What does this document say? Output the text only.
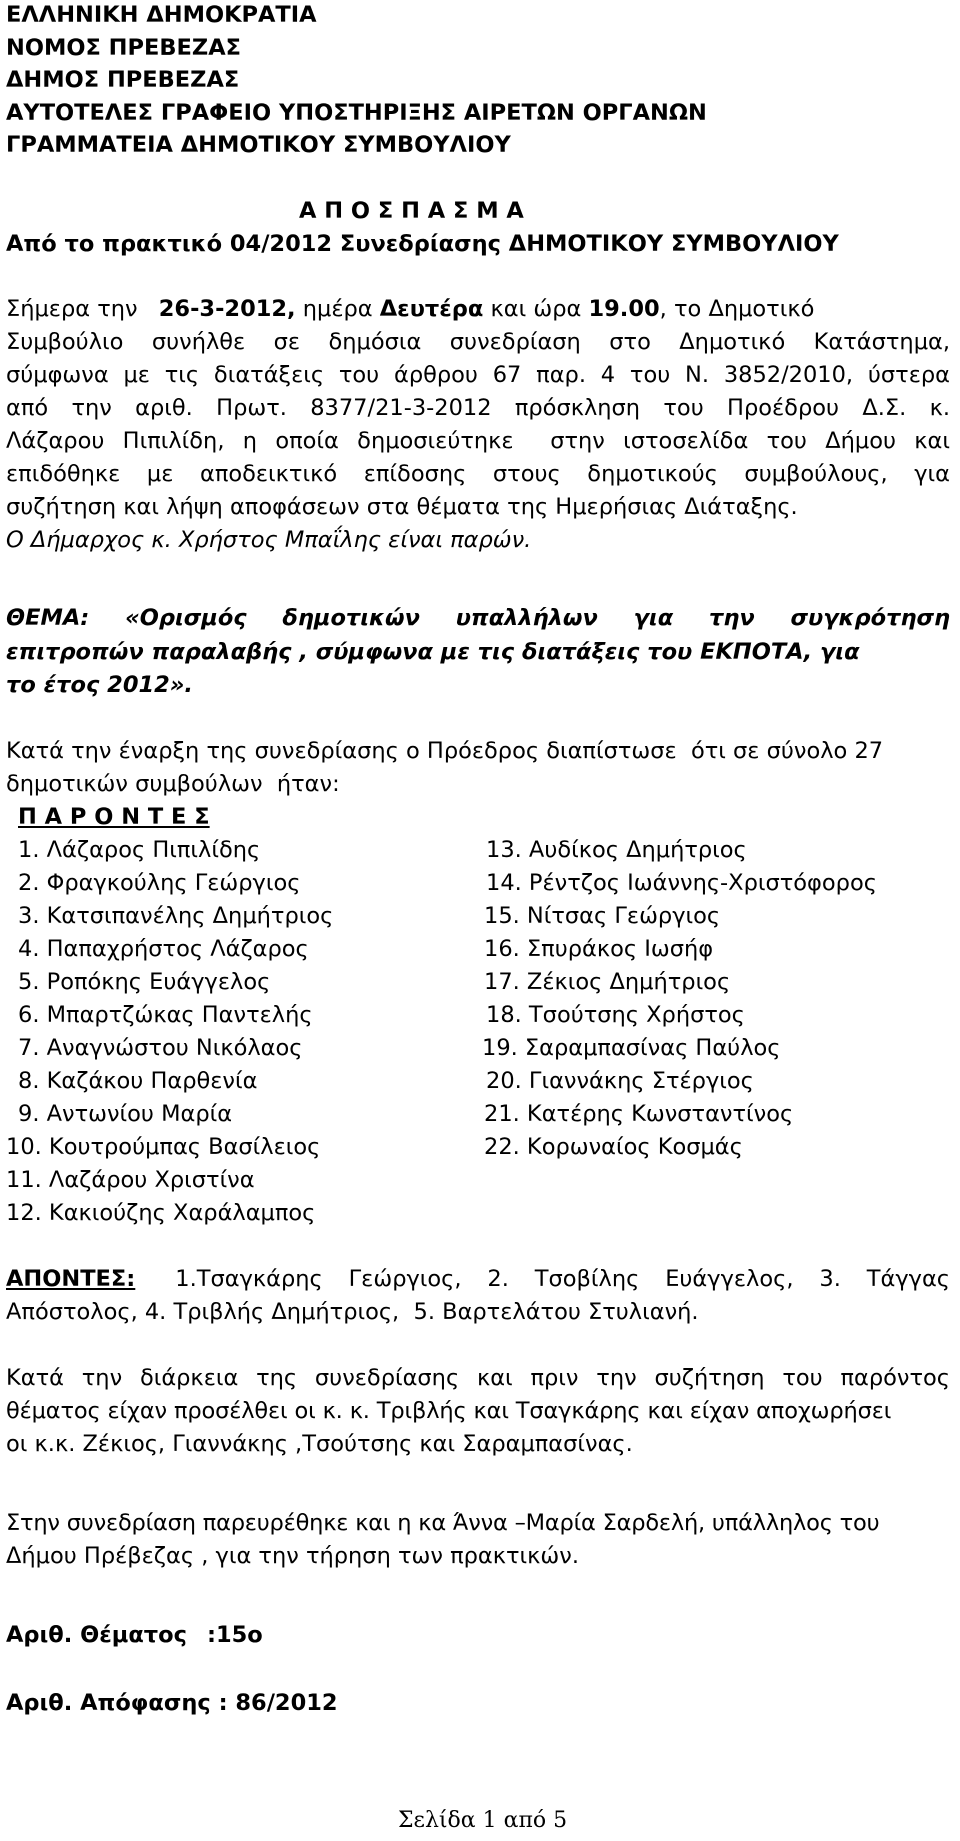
ΕΛΛΗΝΙΚΗ ΔΗΜΟΚΡΑΤΙΑ
ΝΟΜΟΣ ΠΡΕΒΕΖΑΣ
ΔΗΜΟΣ ΠΡΕΒΕΖΑΣ
ΑΥΤΟΤΕΛΕΣ ΓΡΑΦΕΙΟ ΥΠΟΣΤΗΡΙΞΗΣ ΑΙΡΕΤΩΝ ΟΡΓΑΝΩΝ
ΓΡΑΜΜΑΤΕΙΑ ΔΗΜΟΤΙΚΟΥ ΣΥΜΒΟΥΛΙΟΥ
Α Π Ο Σ Π Α Σ Μ Α
Από το πρακτικό 04/2012 Συνεδρίασης ΔΗΜΟΤΙΚΟΥ ΣΥΜΒΟΥΛΙΟΥ
Σήμερα την 26-3-2012, ημέρα Δευτέρα και ώρα 19.00, το Δημοτικό
Συμβούλιο συνήλθε σε δημόσια συνεδρίαση στο Δημοτικό Κατάστημα,
σύμφωνα με τις διατάξεις του άρθρου 67 παρ. 4 του Ν. 3852/2010, ύστερα
από την αριθ. Πρωτ. 8377/21-3-2012 πρόσκληση του Προέδρου Δ.Σ. κ.
Λάζαρου Πιπιλίδη, η οποία δημοσιεύτηκε  στην ιστοσελίδα του Δήμου και
επιδόθηκε με αποδεικτικό επίδοσης στους δημοτικούς συμβούλους, για
συζήτηση και λήψη αποφάσεων στα θέματα της Ημερήσιας Διάταξης.
Ο Δήμαρχος κ. Χρήστος Μπαΐλης είναι παρών.
ΘΕΜΑ: «Ορισμός δημοτικών υπαλλήλων για την συγκρότηση
επιτροπών παραλαβής , σύμφωνα με τις διατάξεις του ΕΚΠΟΤΑ, για
το έτος 2012».
Κατά την έναρξη της συνεδρίασης ο Πρόεδρος διαπίστωσε  ότι σε σύνολο 27
δημοτικών συμβούλων  ήταν:
Π Α Ρ Ο Ν Τ Ε Σ
1. Λάζαρος Πιπιλίδης
2. Φραγκούλης Γεώργιος
3. Κατσιπανέλης Δημήτριος
4. Παπαχρήστος Λάζαρος
5. Ροπόκης Ευάγγελος
6. Μπαρτζώκας Παντελής
7. Αναγνώστου Νικόλαος
8. Καζάκου Παρθενία
9. Αντωνίου Μαρία
10. Κουτρούμπας Βασίλειος
11. Λαζάρου Χριστίνα
12. Κακιούζης Χαράλαμπος
13. Αυδίκος Δημήτριος
14. Ρέντζος Ιωάννης-Χριστόφορος
15. Νίτσας Γεώργιος
16. Σπυράκος Ιωσήφ
17. Ζέκιος Δημήτριος
18. Τσούτσης Χρήστος
19. Σαραμπασίνας Παύλος
20. Γιαννάκης Στέργιος
21. Κατέρης Κωνσταντίνος
22. Κορωναίος Κοσμάς
ΑΠΟΝΤΕΣ: 1.Τσαγκάρης Γεώργιος, 2. Τσοβίλης Ευάγγελος, 3. Τάγγας
Απόστολος, 4. Τριβλής Δημήτριος,  5. Βαρτελάτου Στυλιανή.
Κατά την διάρκεια της συνεδρίασης και πριν την συζήτηση του παρόντος
θέματος είχαν προσέλθει οι κ. κ. Τριβλής και Τσαγκάρης και είχαν αποχωρήσει
οι κ.κ. Ζέκιος, Γιαννάκης ,Τσούτσης και Σαραμπασίνας.
Στην συνεδρίαση παρευρέθηκε και η κα Άννα –Μαρία Σαρδελή, υπάλληλος του
Δήμου Πρέβεζας , για την τήρηση των πρακτικών.
Αριθ. Θέματος :15ο
Αριθ. Απόφασης : 86/2012
Σελίδα 1 από 5
